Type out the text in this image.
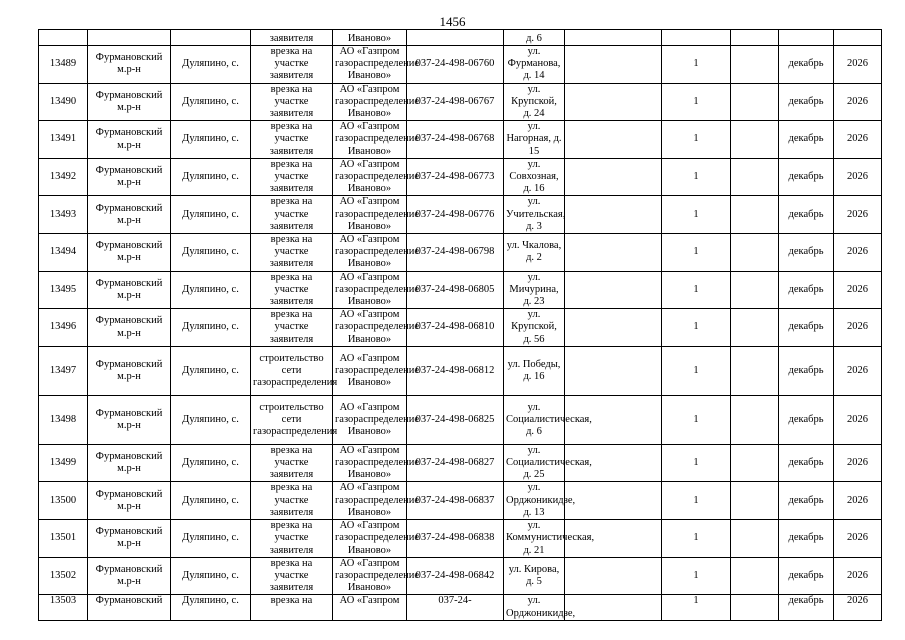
1456
			заявителя	Иваново»		д. 6					
13489	Фурмановский м.р-н	Дуляпино, с.	врезка на участке заявителя	АО «Газпром газораспределение Иваново»	037-24-498-06760	ул. Фурманова, д. 14		1		декабрь	2026
13490	Фурмановский м.р-н	Дуляпино, с.	врезка на участке заявителя	АО «Газпром газораспределение Иваново»	037-24-498-06767	ул. Крупской, д. 24		1		декабрь	2026
13491	Фурмановский м.р-н	Дуляпино, с.	врезка на участке заявителя	АО «Газпром газораспределение Иваново»	037-24-498-06768	ул. Нагорная, д. 15		1		декабрь	2026
13492	Фурмановский м.р-н	Дуляпино, с.	врезка на участке заявителя	АО «Газпром газораспределение Иваново»	037-24-498-06773	ул. Совхозная, д. 16		1		декабрь	2026
13493	Фурмановский м.р-н	Дуляпино, с.	врезка на участке заявителя	АО «Газпром газораспределение Иваново»	037-24-498-06776	ул. Учительская, д. 3		1		декабрь	2026
13494	Фурмановский м.р-н	Дуляпино, с.	врезка на участке заявителя	АО «Газпром газораспределение Иваново»	037-24-498-06798	ул. Чкалова, д. 2		1		декабрь	2026
13495	Фурмановский м.р-н	Дуляпино, с.	врезка на участке заявителя	АО «Газпром газораспределение Иваново»	037-24-498-06805	ул. Мичурина, д. 23		1		декабрь	2026
13496	Фурмановский м.р-н	Дуляпино, с.	врезка на участке заявителя	АО «Газпром газораспределение Иваново»	037-24-498-06810	ул. Крупской, д. 56		1		декабрь	2026
13497	Фурмановский м.р-н	Дуляпино, с.	строительство сети газораспределения	АО «Газпром газораспределение Иваново»	037-24-498-06812	ул. Победы, д. 16		1		декабрь	2026
13498	Фурмановский м.р-н	Дуляпино, с.	строительство сети газораспределения	АО «Газпром газораспределение Иваново»	037-24-498-06825	ул. Социалистическая, д. 6		1		декабрь	2026
13499	Фурмановский м.р-н	Дуляпино, с.	врезка на участке заявителя	АО «Газпром газораспределение Иваново»	037-24-498-06827	ул. Социалистическая, д. 25		1		декабрь	2026
13500	Фурмановский м.р-н	Дуляпино, с.	врезка на участке заявителя	АО «Газпром газораспределение Иваново»	037-24-498-06837	ул. Орджоникидзе, д. 13		1		декабрь	2026
13501	Фурмановский м.р-н	Дуляпино, с.	врезка на участке заявителя	АО «Газпром газораспределение Иваново»	037-24-498-06838	ул. Коммунистическая, д. 21		1		декабрь	2026
13502	Фурмановский м.р-н	Дуляпино, с.	врезка на участке заявителя	АО «Газпром газораспределение Иваново»	037-24-498-06842	ул. Кирова, д. 5		1		декабрь	2026
13503	Фурмановский	Дуляпино, с.	врезка на	АО «Газпром	037-24-	ул. Орджоникидзе,		1		декабрь	2026
